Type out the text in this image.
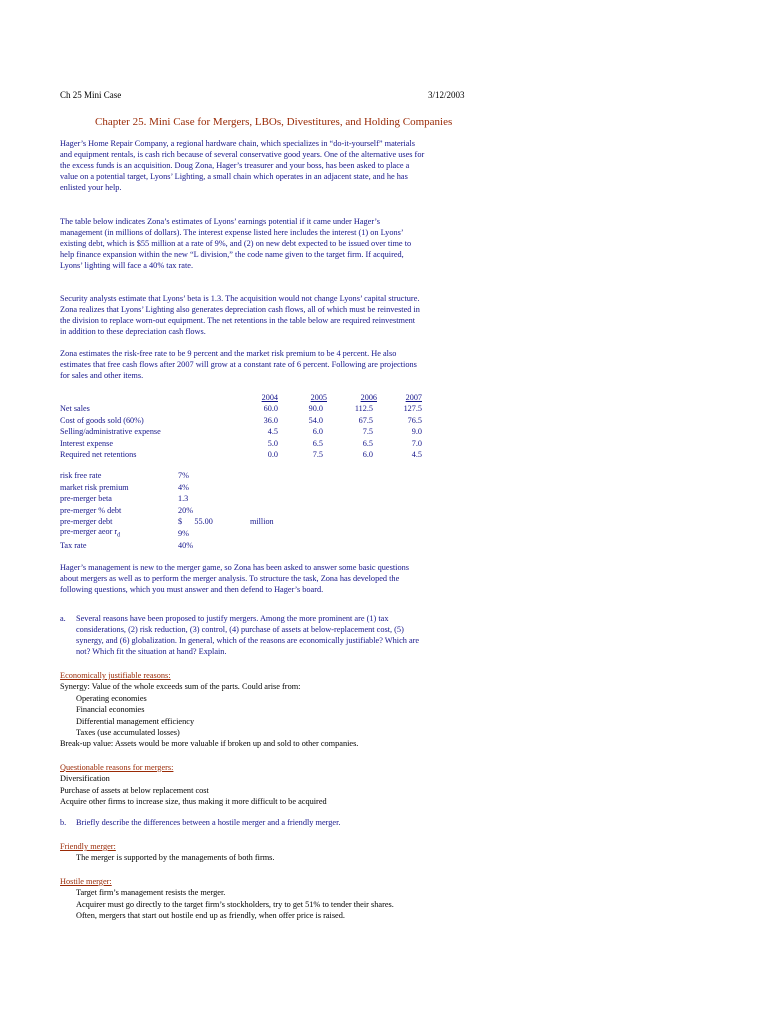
Ch 25 Mini Case	3/12/2003
Chapter 25. Mini Case for Mergers, LBOs, Divestitures, and Holding Companies

Hager’s Home Repair Company, a regional hardware chain, which specializes in “do-it-yourself” materials

and equipment rentals, is cash rich because of several conservative good years. One of the alternative uses for

the excess funds is an acquisition. Doug Zona, Hager’s treasurer and your boss, has been asked to place a

value on a potential target, Lyons’ Lighting, a small chain which operates in an adjacent state, and he has

enlisted your help.

The table below indicates Zona’s estimates of Lyons’ earnings potential if it came under Hager’s

management (in millions of dollars). The interest expense listed here includes the interest (1) on Lyons’

existing debt, which is $55 million at a rate of 9%, and (2) on new debt expected to be issued over time to

help finance expansion within the new “L division,” the code name given to the target firm. If acquired,

Lyons’ lighting will face a 40% tax rate.

Security analysts estimate that Lyons’ beta is 1.3. The acquisition would not change Lyons’ capital structure.

Zona realizes that Lyons’ Lighting also generates depreciation cash flows, all of which must be reinvested in

the division to replace worn-out equipment. The net retentions in the table below are required reinvestment

in addition to these depreciation cash flows.

Zona estimates the risk-free rate to be 9 percent and the market risk premium to be 4 percent. He also

estimates that free cash flows after 2007 will grow at a constant rate of 6 percent. Following are projections

for sales and other items.

2004	2005	2006	2007
Net sales	60.0	90.0	112.5	127.5
Cost of goods sold (60%)	36.0	54.0	67.5	76.5
Selling/administrative expense	4.5	6.0	7.5	9.0
Interest expense	5.0	6.5	6.5	7.0
Required net retentions	0.0	7.5	6.0	4.5
risk free rate	7%
market risk premium	4%
pre-merger beta	1.3
pre-merger % debt	20%
pre-merger debt	$      55.00	million
pre-merger aeor $r_d$	9%
Tax rate	40%

Hager’s management is new to the merger game, so Zona has been asked to answer some basic questions

about mergers as well as to perform the merger analysis. To structure the task, Zona has developed the

following questions, which you must answer and then defend to Hager’s board.

a. Several reasons have been proposed to justify mergers. Among the more prominent are (1) tax
considerations, (2) risk reduction, (3) control, (4) purchase of assets at below-replacement cost, (5)
synergy, and (6) globalization. In general, which of the reasons are economically justifiable? Which are
not? Which fit the situation at hand? Explain.
Economically justifiable reasons:
Synergy: Value of the whole exceeds sum of the parts. Could arise from:
Operating economies
Financial economies
Differential management efficiency
Taxes (use accumulated losses)
Break-up value: Assets would be more valuable if broken up and sold to other companies.
Questionable reasons for mergers:
Diversification
Purchase of assets at below replacement cost
Acquire other firms to increase size, thus making it more difficult to be acquired
b. Briefly describe the differences between a hostile merger and a friendly merger.
Friendly merger:
The merger is supported by the managements of both firms.
Hostile merger:
Target firm’s management resists the merger.
Acquirer must go directly to the target firm’s stockholders, try to get 51% to tender their shares.
Often, mergers that start out hostile end up as friendly, when offer price is raised.
